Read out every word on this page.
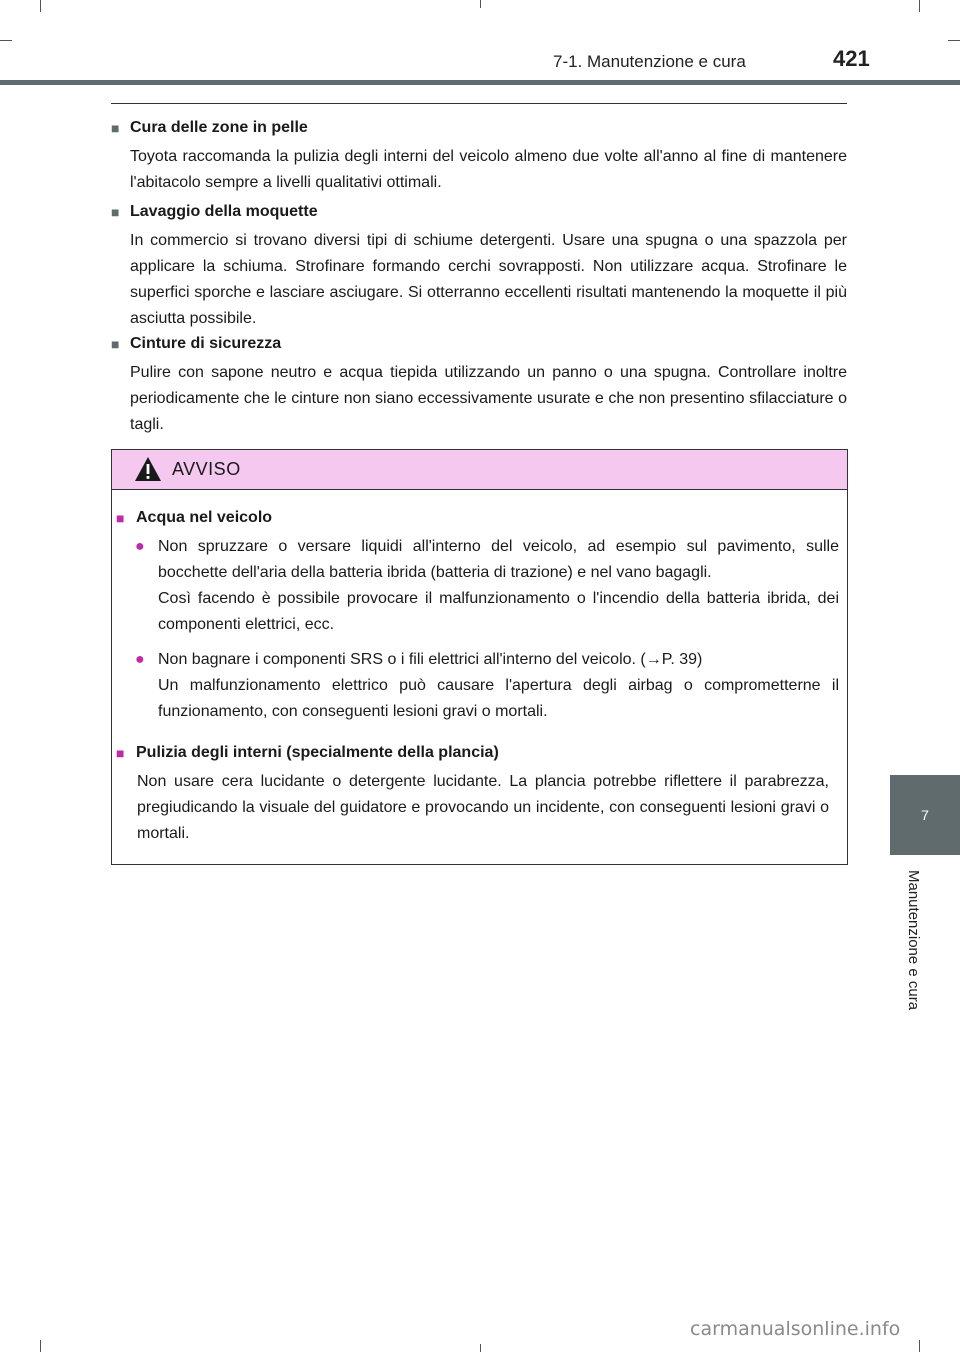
7-1. Manutenzione e cura	421
7
Manutenzione e cura
■ Cura delle zone in pelle
Toyota raccomanda la pulizia degli interni del veicolo almeno due volte all'anno al fine di mantenere l'abitacolo sempre a livelli qualitativi ottimali.
■ Lavaggio della moquette
In commercio si trovano diversi tipi di schiume detergenti. Usare una spugna o una spazzola per applicare la schiuma. Strofinare formando cerchi sovrapposti. Non utilizzare acqua. Strofinare le superfici sporche e lasciare asciugare. Si otterranno eccellenti risultati mantenendo la moquette il più asciutta possibile.
■ Cinture di sicurezza
Pulire con sapone neutro e acqua tiepida utilizzando un panno o una spugna. Controllare inoltre periodicamente che le cinture non siano eccessivamente usurate e che non presentino sfilacciature o tagli.
AVVISO
■ Acqua nel veicolo
● Non spruzzare o versare liquidi all'interno del veicolo, ad esempio sul pavimento, sulle bocchette dell'aria della batteria ibrida (batteria di trazione) e nel vano bagagli.
Così facendo è possibile provocare il malfunzionamento o l'incendio della batteria ibrida, dei componenti elettrici, ecc.
● Non bagnare i componenti SRS o i fili elettrici all'interno del veicolo. (→P. 39)
Un malfunzionamento elettrico può causare l'apertura degli airbag o comprometterne il funzionamento, con conseguenti lesioni gravi o mortali.
■ Pulizia degli interni (specialmente della plancia)
Non usare cera lucidante o detergente lucidante. La plancia potrebbe riflettere il parabrezza, pregiudicando la visuale del guidatore e provocando un incidente, con conseguenti lesioni gravi o mortali.
carmanualsonline.info
